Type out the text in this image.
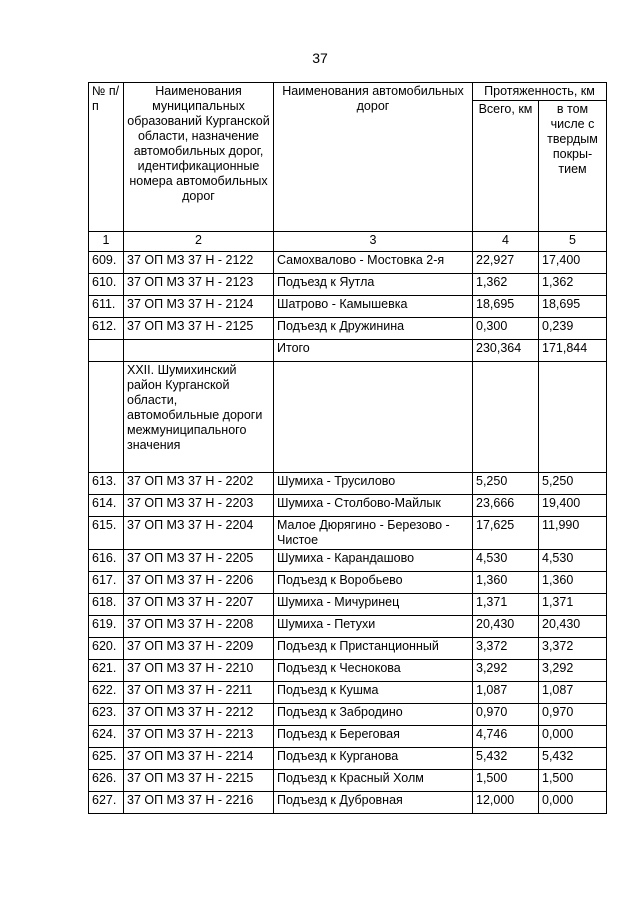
37
№ п/п	Наименования муниципальных образований Курганской области, назначение автомобильных дорог, идентификационные номера автомобильных дорог	Наименования автомобильных дорог	Протяженность, км	
			Всего, км	в том числе с твердым покры-тием
1	2	3	4	5
609.	37 ОП МЗ 37 Н - 2122	Самохвалово - Мостовка 2-я	22,927	17,400
610.	37 ОП МЗ 37 Н - 2123	Подъезд к Яутла	1,362	1,362
611.	37 ОП МЗ 37 Н - 2124	Шатрово - Камышевка	18,695	18,695
612.	37 ОП МЗ 37 Н - 2125	Подъезд к Дружинина	0,300	0,239
		Итого	230,364	171,844
	XXII. Шумихинский район Курганской области, автомобильные дороги межмуниципального значения			
613.	37 ОП МЗ 37 Н - 2202	Шумиха - Трусилово	5,250	5,250
614.	37 ОП МЗ 37 Н - 2203	Шумиха - Столбово-Майлык	23,666	19,400
615.	37 ОП МЗ 37 Н - 2204	Малое Дюрягино - Березово - Чистое	17,625	11,990
616.	37 ОП МЗ 37 Н - 2205	Шумиха - Карандашово	4,530	4,530
617.	37 ОП МЗ 37 Н - 2206	Подъезд к Воробьево	1,360	1,360
618.	37 ОП МЗ 37 Н - 2207	Шумиха - Мичуринец	1,371	1,371
619.	37 ОП МЗ 37 Н - 2208	Шумиха - Петухи	20,430	20,430
620.	37 ОП МЗ 37 Н - 2209	Подъезд к Пристанционный	3,372	3,372
621.	37 ОП МЗ 37 Н - 2210	Подъезд к Чеснокова	3,292	3,292
622.	37 ОП МЗ 37 Н - 2211	Подъезд к Кушма	1,087	1,087
623.	37 ОП МЗ 37 Н - 2212	Подъезд к Забродино	0,970	0,970
624.	37 ОП МЗ 37 Н - 2213	Подъезд к Береговая	4,746	0,000
625.	37 ОП МЗ 37 Н - 2214	Подъезд к Курганова	5,432	5,432
626.	37 ОП МЗ 37 Н - 2215	Подъезд к Красный Холм	1,500	1,500
627.	37 ОП МЗ 37 Н - 2216	Подъезд к Дубровная	12,000	0,000
